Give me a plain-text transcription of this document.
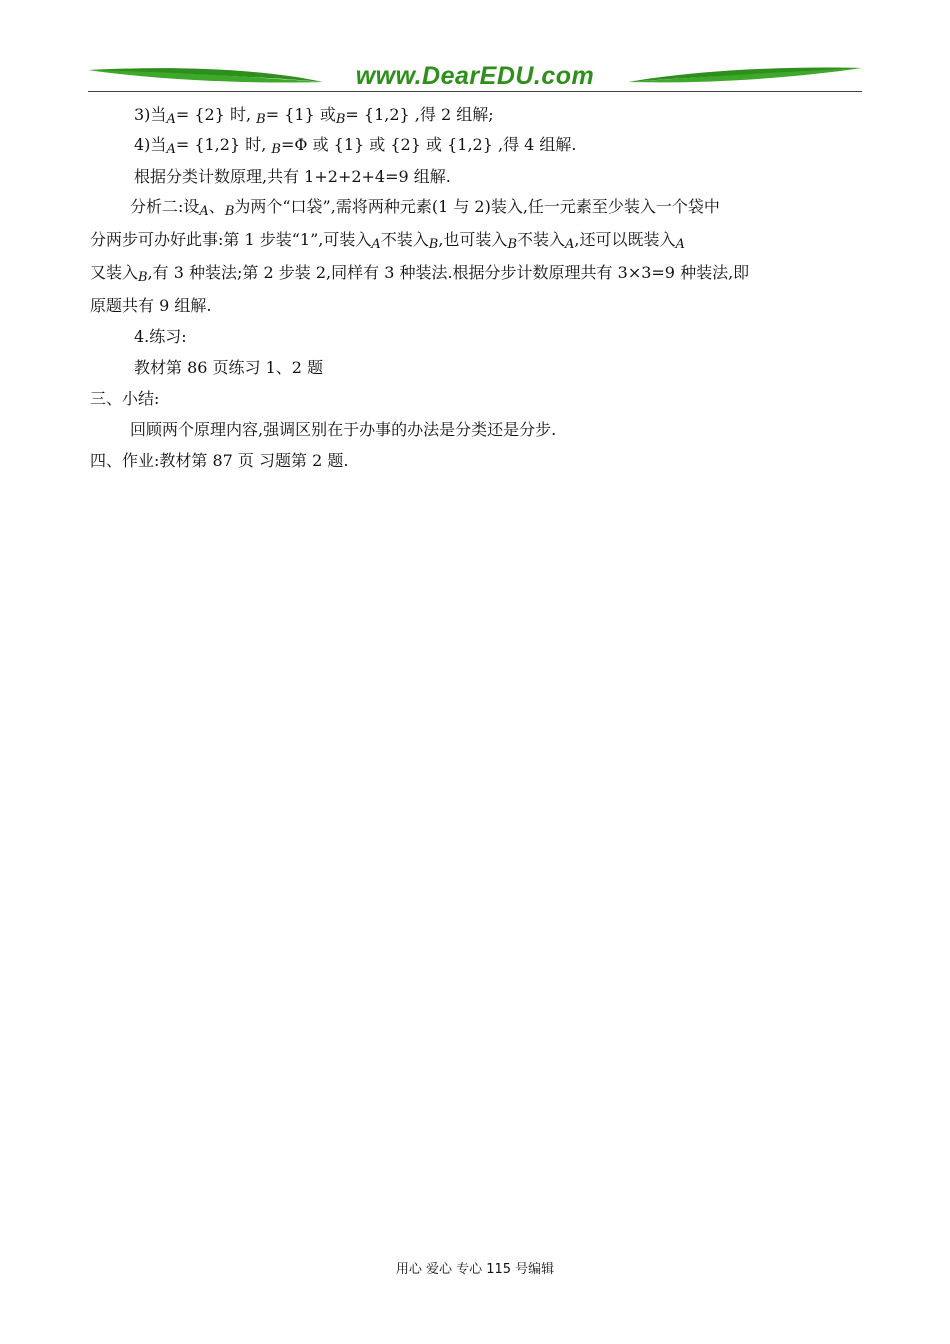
www.DearEDU.com
3)当A= {2} 时, B= {1} 或B= {1,2} ,得 2 组解;
4)当A= {1,2} 时, B=Φ 或 {1} 或 {2} 或 {1,2} ,得 4 组解.
根据分类计数原理,共有 1+2+2+4=9 组解.
分析二:设A、B为两个“口袋”,需将两种元素(1 与 2)装入,任一元素至少装入一个袋中
分两步可办好此事:第 1 步装“1”,可装入A不装入B,也可装入B不装入A,还可以既装入A
又装入B,有 3 种装法;第 2 步装 2,同样有 3 种装法.根据分步计数原理共有 3×3=9 种装法,即
原题共有 9 组解.
4.练习:
教材第 86 页练习 1、2 题
三、小结:
回顾两个原理内容,强调区别在于办事的办法是分类还是分步.
四、作业:教材第 87 页 习题第 2 题.
用心 爱心 专心 115 号编辑
